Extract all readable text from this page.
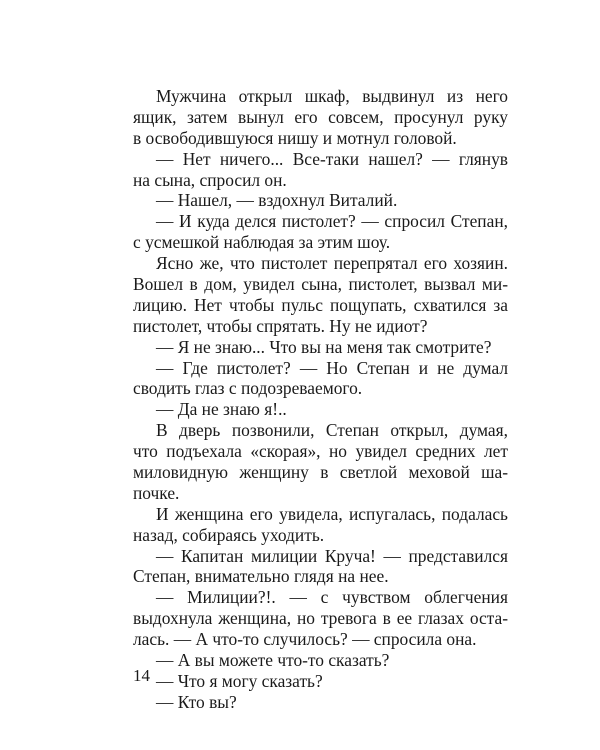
Мужчина открыл шкаф, выдвинул из него
ящик, затем вынул его совсем, просунул руку
в освободившуюся нишу и мотнул головой.
— Нет ничего... Все-таки нашел? — глянув
на сына, спросил он.
— Нашел, — вздохнул Виталий.
— И куда делся пистолет? — спросил Степан,
с усмешкой наблюдая за этим шоу.
Ясно же, что пистолет перепрятал его хозяин.
Вошел в дом, увидел сына, пистолет, вызвал ми-
лицию. Нет чтобы пульс пощупать, схватился за
пистолет, чтобы спрятать. Ну не идиот?
— Я не знаю... Что вы на меня так смотрите?
— Где пистолет? — Но Степан и не думал
сводить глаз с подозреваемого.
— Да не знаю я!..
В дверь позвонили, Степан открыл, думая,
что подъехала «скорая», но увидел средних лет
миловидную женщину в светлой меховой ша-
почке.
И женщина его увидела, испугалась, подалась
назад, собираясь уходить.
— Капитан милиции Круча! — представился
Степан, внимательно глядя на нее.
— Милиции?!. — с чувством облегчения
выдохнула женщина, но тревога в ее глазах оста-
лась. — А что-то случилось? — спросила она.
— А вы можете что-то сказать?
— Что я могу сказать?
— Кто вы?
14
